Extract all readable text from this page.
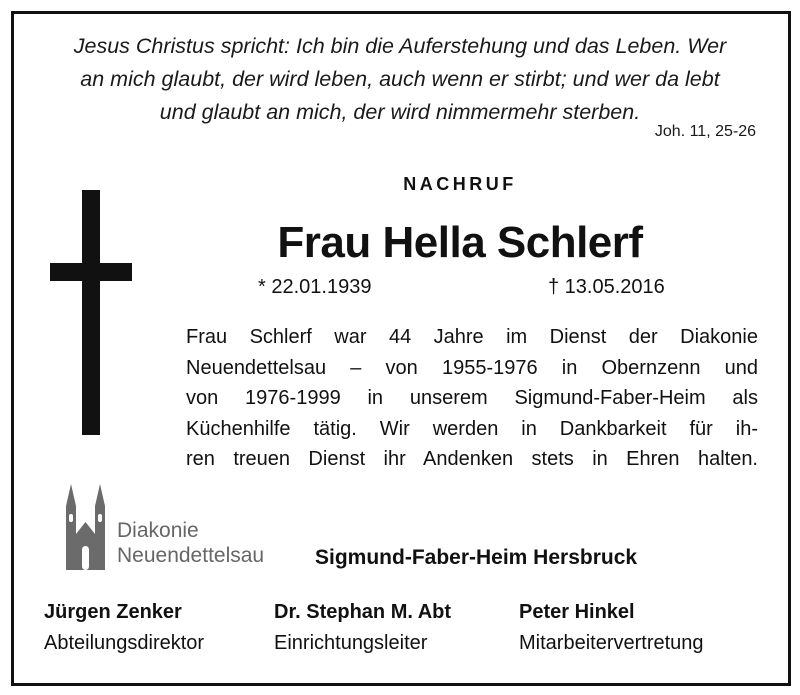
Jesus Christus spricht: Ich bin die Auferstehung und das Leben. Wer
an mich glaubt, der wird leben, auch wenn er stirbt; und wer da lebt
und glaubt an mich, der wird nimmermehr sterben.
Joh. 11, 25-26
NACHRUF
Frau Hella Schlerf
* 22.01.1939	† 13.05.2016
Frau Schlerf war 44 Jahre im Dienst der Diakonie
Neuendettelsau – von 1955-1976 in Obernzenn und
von 1976-1999 in unserem Sigmund-Faber-Heim als
Küchenhilfe tätig. Wir werden in Dankbarkeit für ih-
ren treuen Dienst ihr Andenken stets in Ehren halten.
Diakonie
Neuendettelsau Sigmund-Faber-Heim Hersbruck
Jürgen Zenker
Abteilungsdirektor
Dr. Stephan M. Abt
Einrichtungsleiter
Peter Hinkel
Mitarbeitervertretung
